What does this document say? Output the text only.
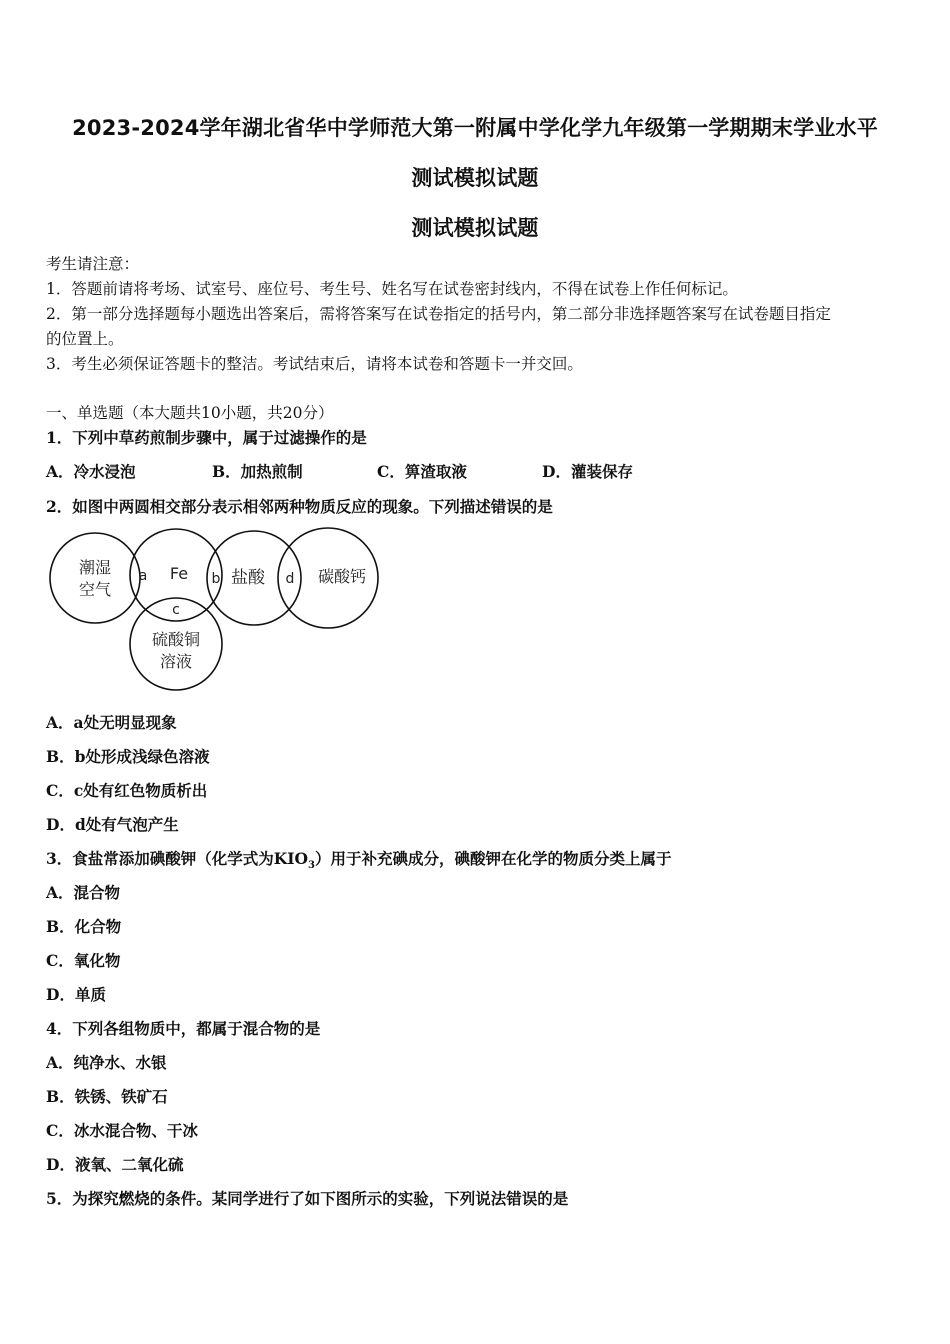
2023-2024学年湖北省华中学师范大第一附属中学化学九年级第一学期期末学业水平
测试模拟试题
测试模拟试题
考生请注意：
1．答题前请将考场、试室号、座位号、考生号、姓名写在试卷密封线内，不得在试卷上作任何标记。
2．第一部分选择题每小题选出答案后，需将答案写在试卷指定的括号内，第二部分非选择题答案写在试卷题目指定
的位置上。
3．考生必须保证答题卡的整洁。考试结束后，请将本试卷和答题卡一并交回。
一、单选题（本大题共10小题，共20分）
1．下列中草药煎制步骤中，属于过滤操作的是
A．冷水浸泡	B．加热煎制	C．箅渣取液	D．灌装保存
2．如图中两圆相交部分表示相邻两种物质反应的现象。下列描述错误的是
潮湿
空气
Fe	盐酸	碳酸钙
硫酸铜
溶液
a	b
c
d
A．a处无明显现象
B．b处形成浅绿色溶液
C．c处有红色物质析出
D．d处有气泡产生
3．食盐常添加碘酸钾（化学式为$KIO_3$）用于补充碘成分，碘酸钾在化学的物质分类上属于
A．混合物
B．化合物
C．氧化物
D．单质
4．下列各组物质中，都属于混合物的是
A．纯净水、水银
B．铁锈、铁矿石
C．冰水混合物、干冰
D．液氧、二氧化硫
5．为探究燃烧的条件。某同学进行了如下图所示的实验，下列说法错误的是
